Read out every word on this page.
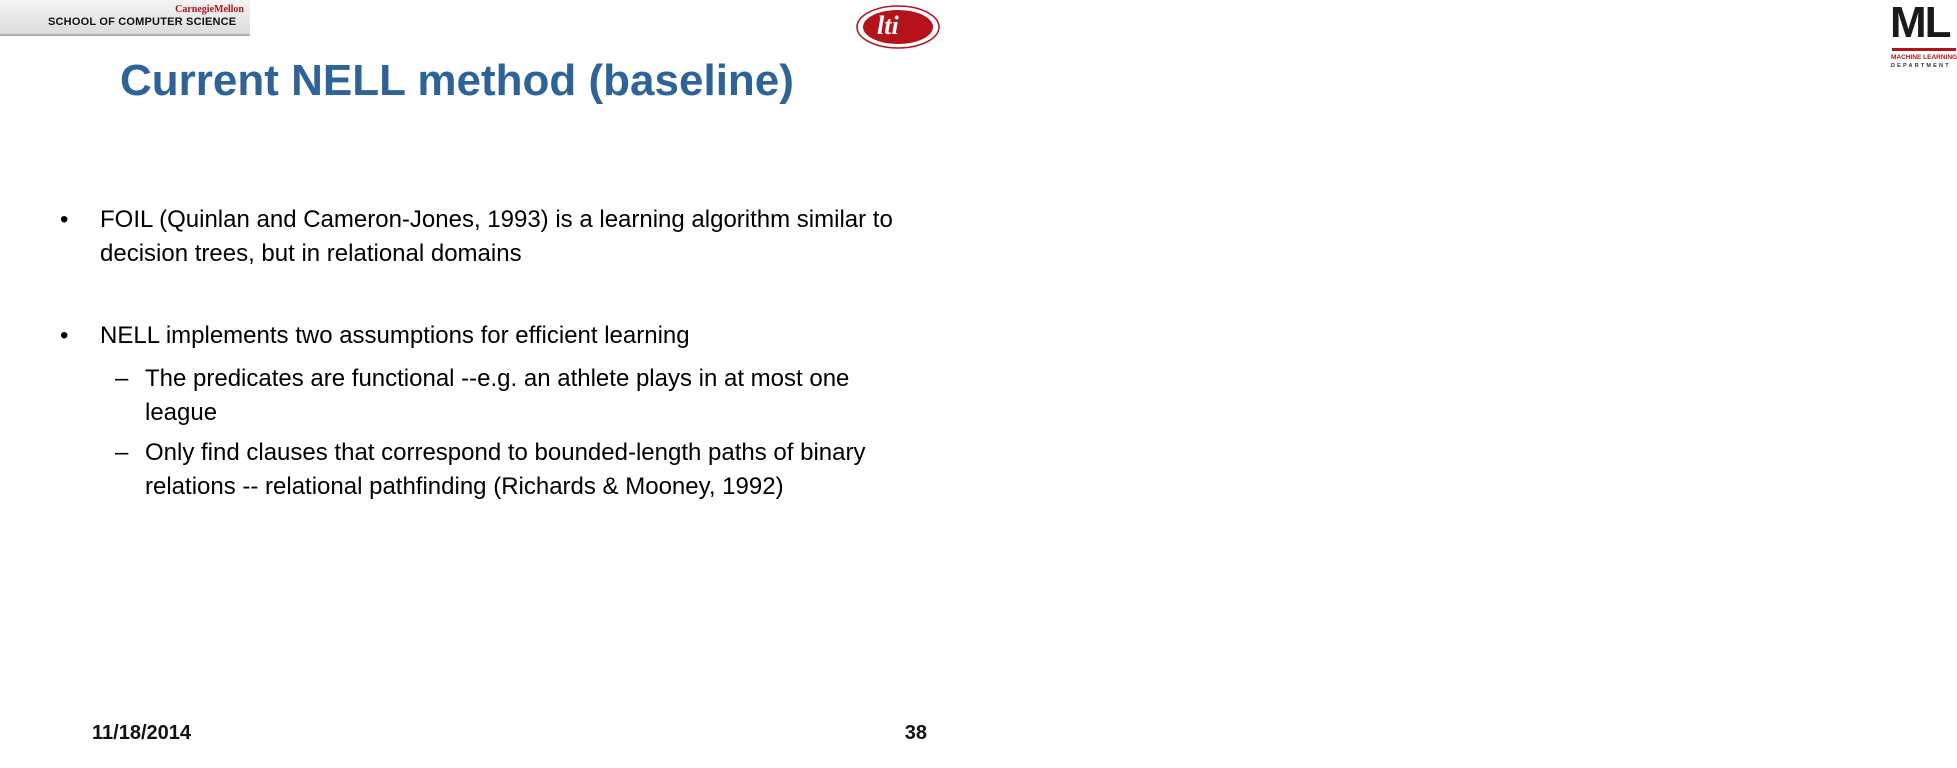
CarnegieMellon
SCHOOL OF COMPUTER SCIENCE	lti	ML
MACHINE LEARNING
DEPARTMENT
Current NELL method (baseline)
• FOIL (Quinlan and Cameron-Jones, 1993) is a learning algorithm similar to decision trees, but in relational domains
• NELL implements two assumptions for efficient learning
– The predicates are functional --e.g. an athlete plays in at most one league
– Only find clauses that correspond to bounded-length paths of binary relations -- relational pathfinding (Richards & Mooney, 1992)
11/18/2014	38
